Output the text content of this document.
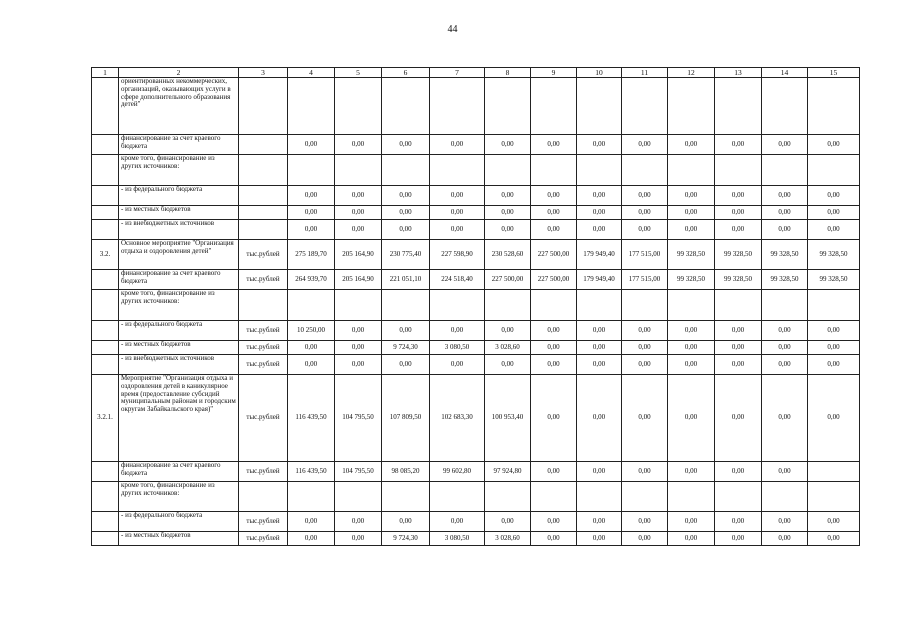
44
1	2	3	4	5	6	7	8	9	10	11	12	13	14	15
	ориентированных некоммерческих, организаций, оказывающих услуги в сфере дополнительного образования детей"													
	финансирование за счет краевого бюджета		0,00	0,00	0,00	0,00	0,00	0,00	0,00	0,00	0,00	0,00	0,00	0,00
	кроме того, финансирование из других источников:													
	- из федерального бюджета		0,00	0,00	0,00	0,00	0,00	0,00	0,00	0,00	0,00	0,00	0,00	0,00
	- из местных бюджетов		0,00	0,00	0,00	0,00	0,00	0,00	0,00	0,00	0,00	0,00	0,00	0,00
	- из внебюджетных источников		0,00	0,00	0,00	0,00	0,00	0,00	0,00	0,00	0,00	0,00	0,00	0,00
3.2.	Основное мероприятие "Организация отдыха и оздоровления детей"	тыс.рублей	275 189,70	205 164,90	230 775,40	227 598,90	230 528,60	227 500,00	179 949,40	177 515,00	99 328,50	99 328,50	99 328,50	99 328,50
	финансирование за счет краевого бюджета	тыс.рублей	264 939,70	205 164,90	221 051,10	224 518,40	227 500,00	227 500,00	179 949,40	177 515,00	99 328,50	99 328,50	99 328,50	99 328,50
	кроме того, финансирование из других источников:													
	- из федерального бюджета	тыс.рублей	10 250,00	0,00	0,00	0,00	0,00	0,00	0,00	0,00	0,00	0,00	0,00	0,00
	- из местных бюджетов	тыс.рублей	0,00	0,00	9 724,30	3 080,50	3 028,60	0,00	0,00	0,00	0,00	0,00	0,00	0,00
	- из внебюджетных источников	тыс.рублей	0,00	0,00	0,00	0,00	0,00	0,00	0,00	0,00	0,00	0,00	0,00	0,00
3.2.1.	Мероприятие "Организация отдыха и оздоровления детей в каникулярное время (предоставление субсидий муниципальным районам и городским округам Забайкальского края)"	тыс.рублей	116 439,50	104 795,50	107 809,50	102 683,30	100 953,40	0,00	0,00	0,00	0,00	0,00	0,00	0,00
	финансирование за счет краевого бюджета	тыс.рублей	116 439,50	104 795,50	98 085,20	99 602,80	97 924,80	0,00	0,00	0,00	0,00	0,00	0,00	
	кроме того, финансирование из других источников:													
	- из федерального бюджета	тыс.рублей	0,00	0,00	0,00	0,00	0,00	0,00	0,00	0,00	0,00	0,00	0,00	0,00
	- из местных бюджетов	тыс.рублей	0,00	0,00	9 724,30	3 080,50	3 028,60	0,00	0,00	0,00	0,00	0,00	0,00	0,00
